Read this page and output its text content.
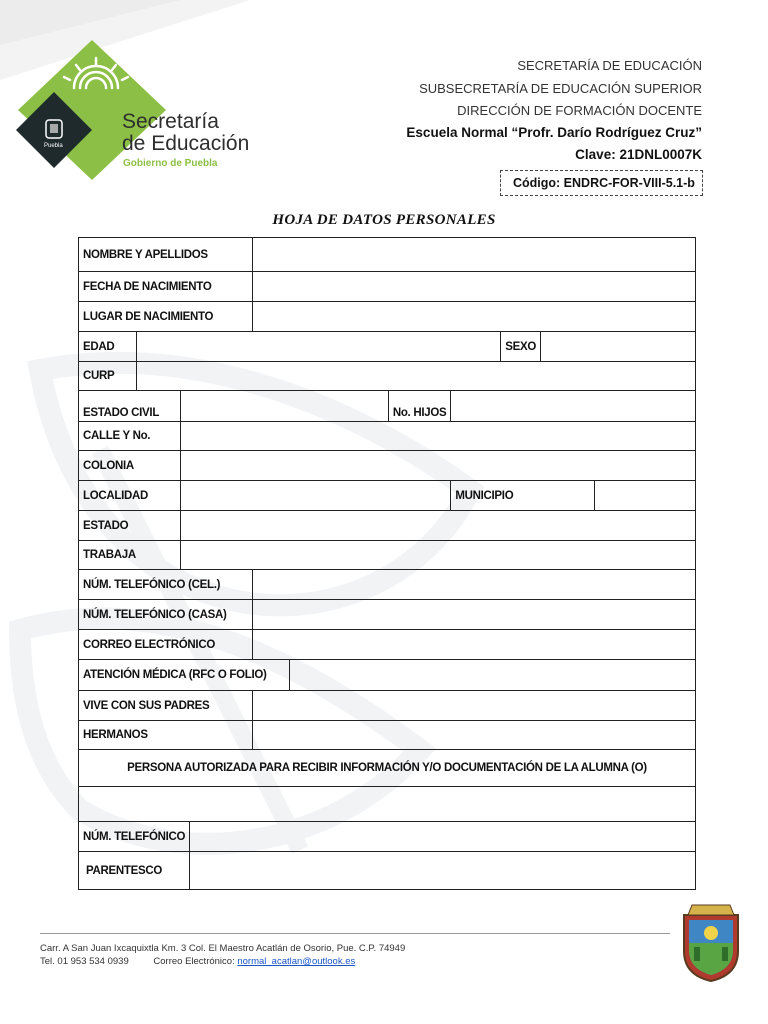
Puebla
Secretaría
de Educación
Gobierno de Puebla
SECRETARÍA DE EDUCACIÓN
SUBSECRETARÍA DE EDUCACIÓN SUPERIOR
DIRECCIÓN DE FORMACIÓN DOCENTE
Escuela Normal “Profr. Darío Rodríguez Cruz”
Clave: 21DNL0007K
Código: ENDRC-FOR-VIII-5.1-b
HOJA DE DATOS PERSONALES
NOMBRE Y APELLIDOS										
FECHA DE NACIMIENTO										
LUGAR DE NACIMIENTO										
EDAD								SEXO		
CURP										
ESTADO CIVIL						No. HIJOS				
CALLE Y No.										
COLONIA										
LOCALIDAD							MUNICIPIO			
ESTADO										
TRABAJA										
NÚM. TELEFÓNICO (CEL.)										
NÚM. TELEFÓNICO (CASA)										
CORREO ELECTRÓNICO										
ATENCIÓN MÉDICA (RFC O FOLIO)										
VIVE CON SUS PADRES										
HERMANOS										
PERSONA AUTORIZADA PARA RECIBIR INFORMACIÓN Y/O DOCUMENTACIÓN DE LA ALUMNA (O)										

NÚM. TELEFÓNICO										
PARENTESCO										
Carr. A San Juan Ixcaquixtla Km. 3 Col. El Maestro Acatlán de Osorio, Pue. C.P. 74949
Tel. 01 953 534 0939	Correo Electrónico: normal_acatlan@outlook.es
